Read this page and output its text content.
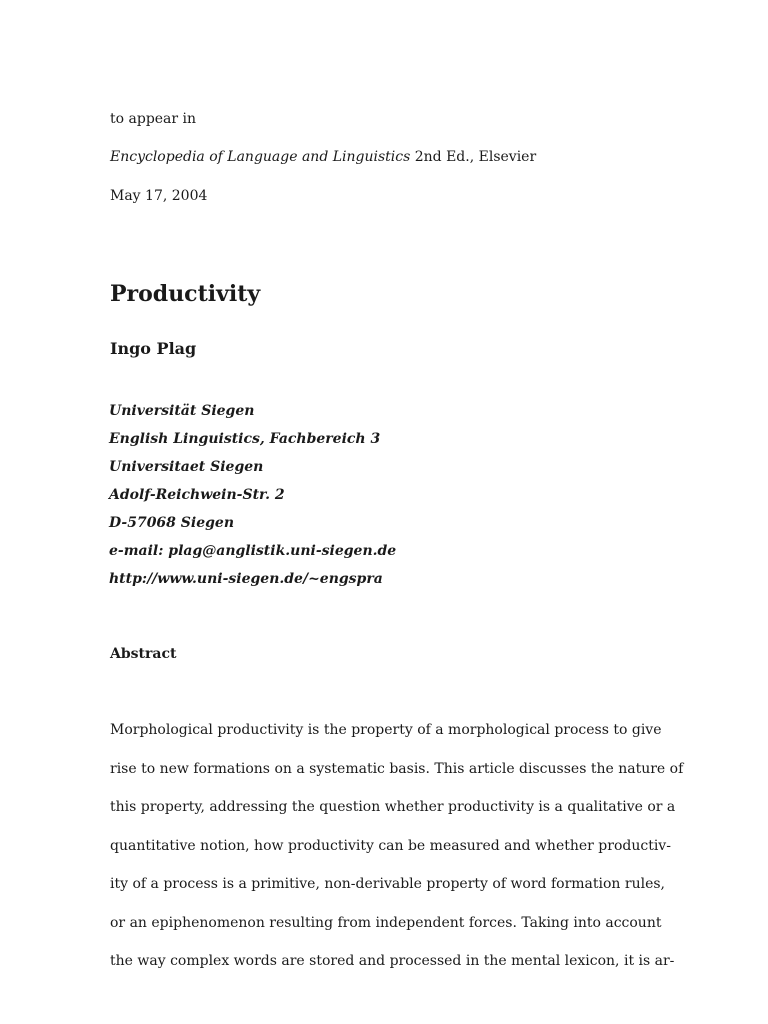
to appear in
Encyclopedia of Language and Linguistics 2nd Ed., Elsevier
May 17, 2004
Productivity
Ingo Plag
Universität Siegen
English Linguistics, Fachbereich 3
Universitaet Siegen
Adolf-Reichwein-Str. 2
D-57068 Siegen
e-mail: plag@anglistik.uni-siegen.de
http://www.uni-siegen.de/~engspra
Abstract

Morphological productivity is the property of a morphological process to give
rise to new formations on a systematic basis. This article discusses the nature of
this property, addressing the question whether productivity is a qualitative or a
quantitative notion, how productivity can be measured and whether productiv-
ity of a process is a primitive, non-derivable property of word formation rules,
or an epiphenomenon resulting from independent forces. Taking into account
the way complex words are stored and processed in the mental lexicon, it is ar-
